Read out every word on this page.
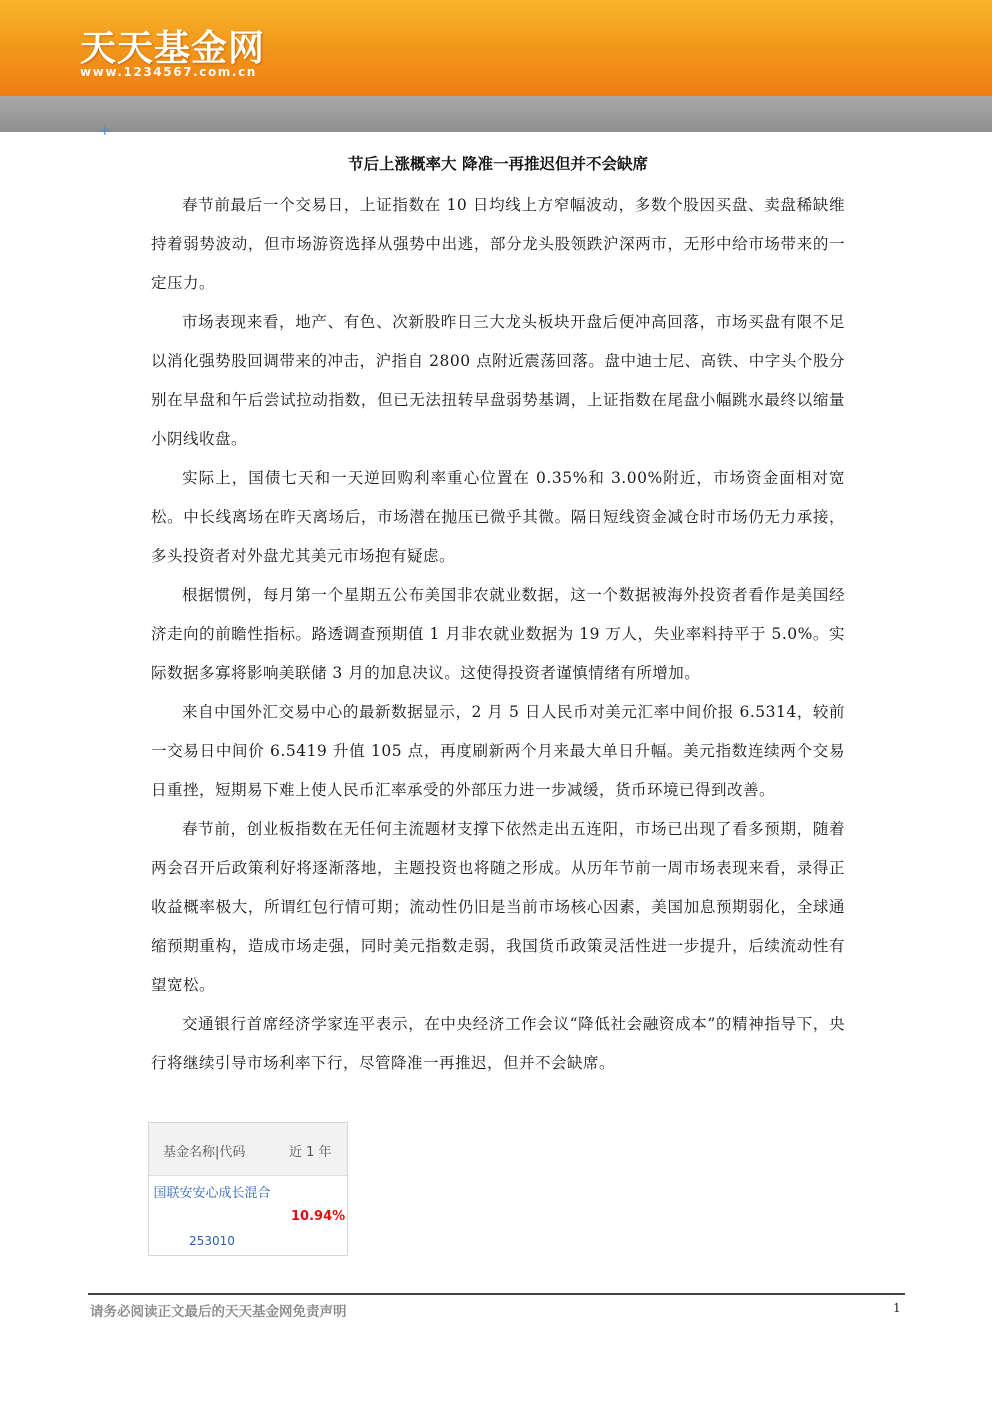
天天基金网
www.1234567.com.cn
+
节后上涨概率大 降准一再推迟但并不会缺席

春节前最后一个交易日，上证指数在 10 日均线上方窄幅波动，多数个股因买盘、卖盘稀缺维持着弱势波动，但市场游资选择从强势中出逃，部分龙头股领跌沪深两市，无形中给市场带来的一定压力。

市场表现来看，地产、有色、次新股昨日三大龙头板块开盘后便冲高回落，市场买盘有限不足以消化强势股回调带来的冲击，沪指自 2800 点附近震荡回落。盘中迪士尼、高铁、中字头个股分别在早盘和午后尝试拉动指数，但已无法扭转早盘弱势基调，上证指数在尾盘小幅跳水最终以缩量小阴线收盘。

实际上，国债七天和一天逆回购利率重心位置在 0.35%和 3.00%附近，市场资金面相对宽松。中长线离场在昨天离场后，市场潜在抛压已微乎其微。隔日短线资金减仓时市场仍无力承接，多头投资者对外盘尤其美元市场抱有疑虑。

根据惯例，每月第一个星期五公布美国非农就业数据，这一个数据被海外投资者看作是美国经济走向的前瞻性指标。路透调查预期值 1 月非农就业数据为 19 万人，失业率料持平于 5.0%。实际数据多寡将影响美联储 3 月的加息决议。这使得投资者谨慎情绪有所增加。

来自中国外汇交易中心的最新数据显示，2 月 5 日人民币对美元汇率中间价报 6.5314，较前一交易日中间价 6.5419 升值 105 点，再度刷新两个月来最大单日升幅。美元指数连续两个交易日重挫，短期易下难上使人民币汇率承受的外部压力进一步减缓，货币环境已得到改善。

春节前，创业板指数在无任何主流题材支撑下依然走出五连阳，市场已出现了看多预期，随着两会召开后政策利好将逐渐落地，主题投资也将随之形成。从历年节前一周市场表现来看，录得正收益概率极大，所谓红包行情可期；流动性仍旧是当前市场核心因素，美国加息预期弱化，全球通缩预期重构，造成市场走强，同时美元指数走弱，我国货币政策灵活性进一步提升，后续流动性有望宽松。

交通银行首席经济学家连平表示，在中央经济工作会议“降低社会融资成本”的精神指导下，央行将继续引导市场利率下行，尽管降准一再推迟，但并不会缺席。

基金名称|代码	近 1 年
国联安安心成长混合
253010
10.94%
请务必阅读正文最后的天天基金网免责声明	1
